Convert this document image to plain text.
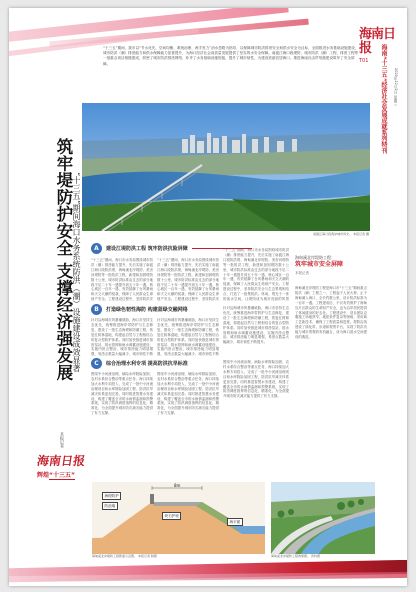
海南日报
T01	海南“十三五”经济社会发展成就系列特刊	2020年12月2日 星期三
“十三五”期间，我市以“节水优先、空间均衡、系统治理、两手发力”治水思路为指导，以保障城市防洪排涝安全和供水安全为目标，全面推进水务基础设施建设，城市防洪（潮）排涝能力和供水保障能力显著提升，为海口经济社会高质量发展提供了坚实的水安全保障。南渡江海口段堤防、城市防洪（潮）工程、排涝工程等一批重点项目相继建成，织密了城市防洪排涝网络，补齐了水务基础设施短板，提升了城市韧性，为建设美丽宜居海口、推进海南自由贸易港建设筑牢了安全屏障。
南渡江海口段两岸城市风光。 本报记者 摄
筑牢堤防护安全 支撑经济强发展 “十三五”期间海口水务系统防洪（潮）设施建设成效显著
本报记者
A	建设江堤防洪工程 筑牢防洪抗险屏障
“十三五”期间，海口市水务局围绕城市防洪（潮）排涝能力提升，先后实施了南渡江海口段防洪堤、海甸溪北岸堤防、美舍河堤防等一批防洪工程，新建和加固堤防数十公里，城市防洪标准由过去的部分地段不足二十年一遇提升到五十年一遇、核心城区一百年一遇，有效抵御了台风暴雨和天文大潮的侵袭，保障了人民群众生命财产安全。工程建设过程中，坚持防洪安
“十三五”期间，海口市水务局围绕城市防洪（潮）排涝能力提升，先后实施了南渡江海口段防洪堤、海甸溪北岸堤防、美舍河堤防等一批防洪工程，新建和加固堤防数十公里，城市防洪标准由过去的部分地段不足二十年一遇提升到五十年一遇、核心城区一百年一遇，有效抵御了台风暴雨和天文大潮的侵袭，保障了人民群众生命财产安全。工程建设过程中，坚持防洪安
“十三五”期间，海口市水务局围绕城市防洪（潮）排涝能力提升，先后实施了南渡江海口段防洪堤、海甸溪北岸堤防、美舍河堤防等一批防洪工程，新建和加固堤防数十公里，城市防洪标准由过去的部分地段不足二十年一遇提升到五十年一遇、核心城区一百年一遇，有效抵御了台风暴雨和天文大潮的侵袭，保障了人民群众生命财产安全。工程建设过程中，坚持防洪安全与生态景观相结合，打造了一批集防洪、休闲、观光于一体的滨水空间，让堤防成为城市亮丽的风景
B	打造绿色韧性海防 构建蓝绿交融网络
针对沿海城市风暴潮威胁，海口市坚持生态优先，统筹推进海岸带防护与生态修复，建设了一批生态海堤和防潮工程，恢复红树林湿地，构建起自然与工程相结合的复合型防护体系。同时加快推进城市排涝泵站、排水管网和雨水调蓄设施建设，实施内涝点整治，城市排涝能力明显增强，易涝点数量大幅减少，城市韧性不断
针对沿海城市风暴潮威胁，海口市坚持生态优先，统筹推进海岸带防护与生态修复，建设了一批生态海堤和防潮工程，恢复红树林湿地，构建起自然与工程相结合的复合型防护体系。同时加快推进城市排涝泵站、排水管网和雨水调蓄设施建设，实施内涝点整治，城市排涝能力明显增强，易涝点数量大幅减少，城市韧性不断
针对沿海城市风暴潮威胁，海口市坚持生态优先，统筹推进海岸带防护与生态修复，建设了一批生态海堤和防潮工程，恢复红树林湿地，构建起自然与工程相结合的复合型防护体系。同时加快推进城市排涝泵站、排水管网和雨水调蓄设施建设，实施内涝点整治，城市排涝能力明显增强，易涝点数量大幅减少，城市韧性不断提升。
C	综合治理水利专项 提高防洪抗旱标准
围绕中小河流治理、病险水库除险加固、农村水系综合整治等重点任务，海口持续加大水利专项投入，完成了一批中小河流治理项目和水库除险加固工程，防洪抗旱减灾体系更加完善。同时推进智慧水务建设，构建了覆盖全市的水雨情监测和预警系统，实现了防汛调度指挥的信息化、精准化，为全面提升城市防灾减灾能力提供了有力支撑。
围绕中小河流治理、病险水库除险加固、农村水系综合整治等重点任务，海口持续加大水利专项投入，完成了一批中小河流治理项目和水库除险加固工程，防洪抗旱减灾体系更加完善。同时推进智慧水务建设，构建了覆盖全市的水雨情监测和预警系统，实现了防汛调度指挥的信息化、精准化，为全面提升城市防灾减灾能力提供了有力支撑。
围绕中小河流治理、病险水库除险加固、农村水系综合整治等重点任务，海口持续加大水利专项投入，完成了一批中小河流治理项目和水库除险加固工程，防洪抗旱减灾体系更加完善。同时推进智慧水务建设，构建了覆盖全市的水雨情监测和预警系统，实现了防汛调度指挥的信息化、精准化，为全面提升城市防灾减灾能力提供了有力支撑。
海甸溪北岸堤防工程：
筑牢城市安全屏障
本报记者
海甸溪北岸堤防工程是海口市“十三五”期间重点防洪（潮）工程之一，工程起于人民大桥，止于海甸溪入海口，全长约数公里，设计防洪标准为一百年一遇。工程建成后，不仅有效保护了海甸岛片区群众的生命财产安全，也为沿岸居民提供了休闲健身的好去处。工程建设中，项目团队克服施工场地狭窄、地质条件复杂等困难，采用新工艺新技术，确保了工程质量和进度。堤防沿线建设了绿化带、步道和观景平台，实现了防洪功能与城市景观的有机融合，成为海口滨水空间建设的典范。
海南日报
辉煌“十三五”
8m
海堤防护
防浪墙
块石护坡
海平面
海甸溪北岸堤防工程断面示意图。 本报记者 制图	海甸溪北岸堤防工程效果图。 资料图
